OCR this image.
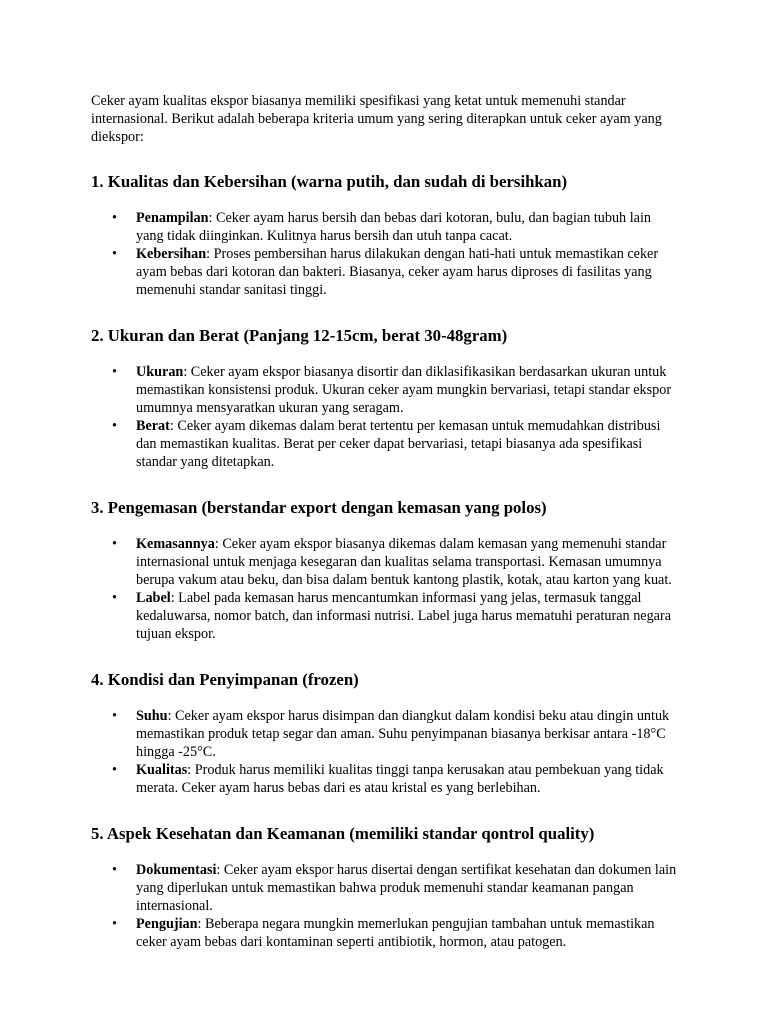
Ceker ayam kualitas ekspor biasanya memiliki spesifikasi yang ketat untuk memenuhi standar internasional. Berikut adalah beberapa kriteria umum yang sering diterapkan untuk ceker ayam yang diekspor:

1. Kualitas dan Kebersihan (warna putih, dan sudah di bersihkan)
•	Penampilan: Ceker ayam harus bersih dan bebas dari kotoran, bulu, dan bagian tubuh lain yang tidak diinginkan. Kulitnya harus bersih dan utuh tanpa cacat.
•	Kebersihan: Proses pembersihan harus dilakukan dengan hati-hati untuk memastikan ceker ayam bebas dari kotoran dan bakteri. Biasanya, ceker ayam harus diproses di fasilitas yang memenuhi standar sanitasi tinggi.
2. Ukuran dan Berat (Panjang 12-15cm, berat 30-48gram)
•	Ukuran: Ceker ayam ekspor biasanya disortir dan diklasifikasikan berdasarkan ukuran untuk memastikan konsistensi produk. Ukuran ceker ayam mungkin bervariasi, tetapi standar ekspor umumnya mensyaratkan ukuran yang seragam.
•	Berat: Ceker ayam dikemas dalam berat tertentu per kemasan untuk memudahkan distribusi dan memastikan kualitas. Berat per ceker dapat bervariasi, tetapi biasanya ada spesifikasi standar yang ditetapkan.
3. Pengemasan (berstandar export dengan kemasan yang polos)
•	Kemasannya: Ceker ayam ekspor biasanya dikemas dalam kemasan yang memenuhi standar internasional untuk menjaga kesegaran dan kualitas selama transportasi. Kemasan umumnya berupa vakum atau beku, dan bisa dalam bentuk kantong plastik, kotak, atau karton yang kuat.
•	Label: Label pada kemasan harus mencantumkan informasi yang jelas, termasuk tanggal kedaluwarsa, nomor batch, dan informasi nutrisi. Label juga harus mematuhi peraturan negara tujuan ekspor.
4. Kondisi dan Penyimpanan (frozen)
•	Suhu: Ceker ayam ekspor harus disimpan dan diangkut dalam kondisi beku atau dingin untuk memastikan produk tetap segar dan aman. Suhu penyimpanan biasanya berkisar antara -18°C hingga -25°C.
•	Kualitas: Produk harus memiliki kualitas tinggi tanpa kerusakan atau pembekuan yang tidak merata. Ceker ayam harus bebas dari es atau kristal es yang berlebihan.
5. Aspek Kesehatan dan Keamanan (memiliki standar qontrol quality)
•	Dokumentasi: Ceker ayam ekspor harus disertai dengan sertifikat kesehatan dan dokumen lain yang diperlukan untuk memastikan bahwa produk memenuhi standar keamanan pangan internasional.
•	Pengujian: Beberapa negara mungkin memerlukan pengujian tambahan untuk memastikan ceker ayam bebas dari kontaminan seperti antibiotik, hormon, atau patogen.
